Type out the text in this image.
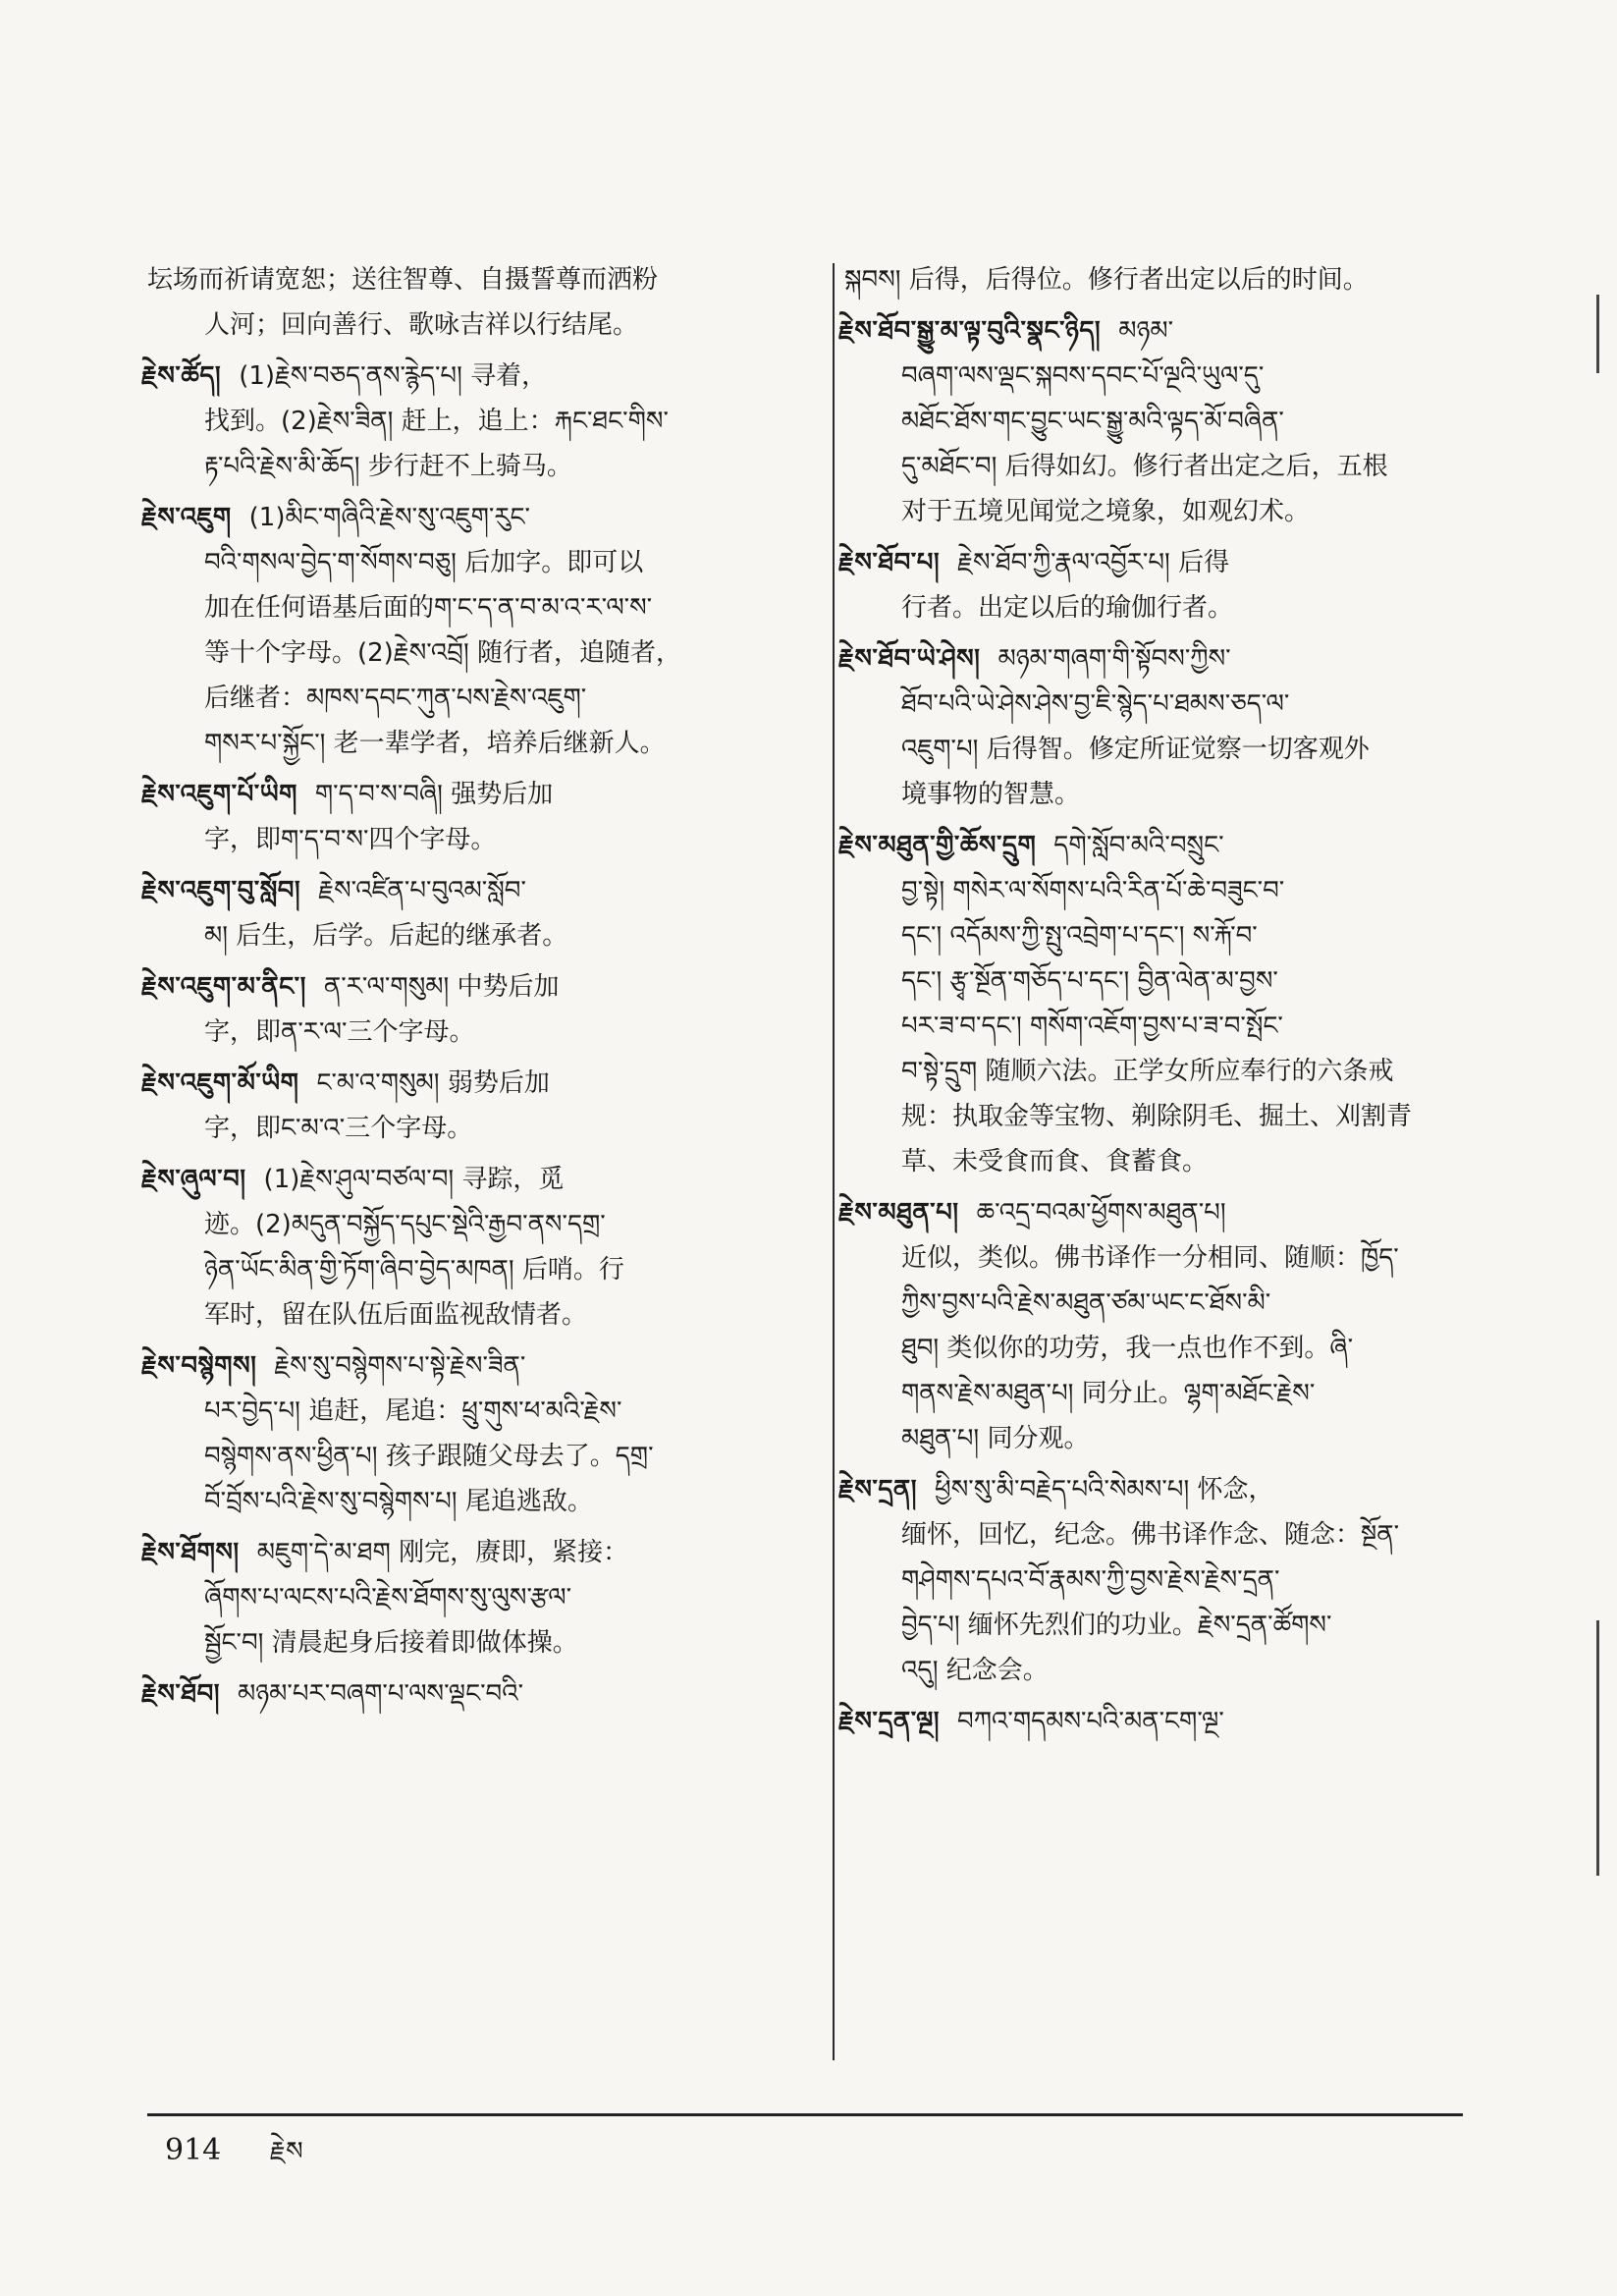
坛场而祈请宽恕；送往智尊、自摄誓尊而洒粉
人河；回向善行、歌咏吉祥以行结尾。
རྗེས་ཚོད། (1)རྗེས་བཅད་ནས་རྙེད་པ། 寻着，
找到。(2)རྗེས་ཟིན། 赶上，追上：རྐང་ཐང་གིས་
རྟ་པའི་རྗེས་མི་ཆོད། 步行赶不上骑马。
རྗེས་འཇུག (1)མིང་གཞིའི་རྗེས་སུ་འཇུག་རུང་
བའི་གསལ་བྱེད་ག་སོགས་བཅུ། 后加字。即可以
加在任何语基后面的ག་ང་ད་ན་བ་མ་འ་ར་ལ་ས་
等十个字母。(2)རྗེས་འབྲོ། 随行者，追随者，
后继者：མཁས་དབང་ཀུན་པས་རྗེས་འཇུག་
གསར་པ་སྐྱོང་། 老一辈学者，培养后继新人。
རྗེས་འཇུག་པོ་ཡིག ག་ད་བ་ས་བཞི། 强势后加
字，即ག་ད་བ་ས་四个字母。
རྗེས་འཇུག་བུ་སློབ། རྗེས་འཛིན་པ་བུའམ་སློབ་
མ། 后生，后学。后起的继承者。
རྗེས་འཇུག་མ་ནིང་། ན་ར་ལ་གསུམ། 中势后加
字，即ན་ར་ལ་三个字母。
རྗེས་འཇུག་མོ་ཡིག ང་མ་འ་གསུམ། 弱势后加
字，即ང་མ་འ་三个字母。
རྗེས་ཞུལ་བ། (1)རྗེས་ཤུལ་བཙལ་བ། 寻踪，觅
迹。(2)མདུན་བསྐྱོད་དཔུང་སྡེའི་རྒྱབ་ནས་དགྲ་
ཉེན་ཡོང་མིན་གྱི་ཏོག་ཞིབ་བྱེད་མཁན། 后哨。行
军时，留在队伍后面监视敌情者。
རྗེས་བསྙེགས། རྗེས་སུ་བསྙེགས་པ་སྟེ་རྗེས་ཟིན་
པར་བྱེད་པ། 追赶，尾追：ཕྲུ་གུས་ཕ་མའི་རྗེས་
བསྙེགས་ནས་ཕྱིན་པ། 孩子跟随父母去了。དགྲ་
བོ་བྲོས་པའི་རྗེས་སུ་བསྙེགས་པ། 尾追逃敌。
རྗེས་ཐོགས། མཇུག་དེ་མ་ཐག 刚完，赓即，紧接：
ཞོགས་པ་ལངས་པའི་རྗེས་ཐོགས་སུ་ལུས་རྩལ་
སྦྱོང་བ། 清晨起身后接着即做体操。
རྗེས་ཐོབ། མཉམ་པར་བཞག་པ་ལས་ལྡང་བའི་
སྐབས། 后得，后得位。修行者出定以后的时间。
རྗེས་ཐོབ་སྒྱུ་མ་ལྟ་བུའི་སྣང་ཉིད། མཉམ་
བཞག་ལས་ལྡང་སྐབས་དབང་པོ་ལྔའི་ཡུལ་དུ་
མཐོང་ཐོས་གང་བྱུང་ཡང་སྒྱུ་མའི་ལྟད་མོ་བཞིན་
དུ་མཐོང་བ། 后得如幻。修行者出定之后，五根
对于五境见闻觉之境象，如观幻术。
རྗེས་ཐོབ་པ། རྗེས་ཐོབ་ཀྱི་རྣལ་འབྱོར་པ། 后得
行者。出定以后的瑜伽行者。
རྗེས་ཐོབ་ཡེ་ཤེས། མཉམ་གཞག་གི་སྟོབས་ཀྱིས་
ཐོབ་པའི་ཡེ་ཤེས་ཤེས་བྱ་ཇི་སྙེད་པ་ཐམས་ཅད་ལ་
འཇུག་པ། 后得智。修定所证觉察一切客观外
境事物的智慧。
རྗེས་མཐུན་གྱི་ཆོས་དྲུག དགེ་སློབ་མའི་བསྲུང་
བྱ་སྟེ། གསེར་ལ་སོགས་པའི་རིན་པོ་ཆེ་བཟུང་བ་
དང་། འདོམས་ཀྱི་སྤུ་འབྲེག་པ་དང་། ས་རྐོ་བ་
དང་། རྩྭ་སྔོན་གཅོད་པ་དང་། བྱིན་ལེན་མ་བྱས་
པར་ཟ་བ་དང་། གསོག་འཇོག་བྱས་པ་ཟ་བ་སྤོང་
བ་སྟེ་དྲུག 随顺六法。正学女所应奉行的六条戒
规：执取金等宝物、剃除阴毛、掘土、刈割青
草、未受食而食、食蓄食。
རྗེས་མཐུན་པ། ཆ་འདྲ་བའམ་ཕྱོགས་མཐུན་པ།
近似，类似。佛书译作一分相同、随顺：ཁྱོད་
ཀྱིས་བྱས་པའི་རྗེས་མཐུན་ཙམ་ཡང་ང་ཐོས་མི་
ཐུབ། 类似你的功劳，我一点也作不到。ཞི་
གནས་རྗེས་མཐུན་པ། 同分止。ལྷག་མཐོང་རྗེས་
མཐུན་པ། 同分观。
རྗེས་དྲན། ཕྱིས་སུ་མི་བརྗེད་པའི་སེམས་པ། 怀念，
缅怀，回忆，纪念。佛书译作念、随念：སྔོན་
གཤེགས་དཔའ་བོ་རྣམས་ཀྱི་བྱས་རྗེས་རྗེས་དྲན་
བྱེད་པ། 缅怀先烈们的功业。རྗེས་དྲན་ཚོགས་
འདུ། 纪念会。
རྗེས་དྲན་ལྔ། བཀའ་གདམས་པའི་མན་ངག་ལྔ་
914 རྗེས
